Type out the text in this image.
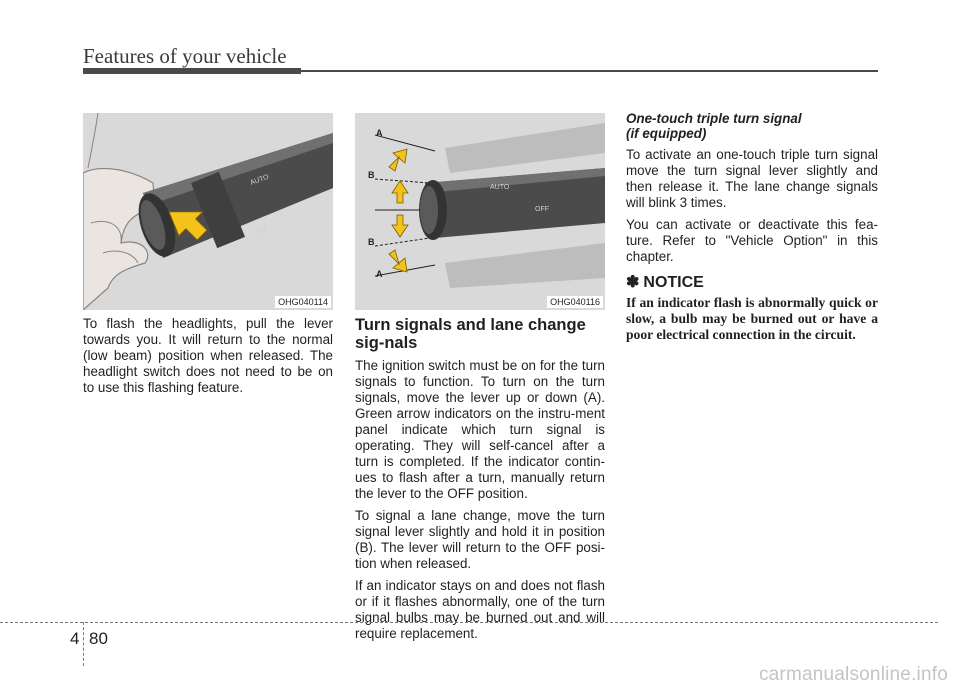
Features of your vehicle
AUTO
OFF
OHG040114
AUTO
OFF
A
B
B
A
OHG040116

To flash the headlights, pull the lever towards you. It will return to the normal (low beam) position when released. The headlight switch does not need to be on to use this flashing feature.

Turn signals and lane change sig-nals

The ignition switch must be on for the turn signals to function. To turn on the turn signals, move the lever up or down (A). Green arrow indicators on the instru-ment panel indicate which turn signal is operating. They will self-cancel after a turn is completed. If the indicator contin-ues to flash after a turn, manually return the lever to the OFF position.

To signal a lane change, move the turn signal lever slightly and hold it in position (B). The lever will return to the OFF posi-tion when released.

If an indicator stays on and does not flash or if it flashes abnormally, one of the turn signal bulbs may be burned out and will require replacement.

One-touch triple turn signal
(if equipped)

To activate an one-touch triple turn signal move the turn signal lever slightly and then release it. The lane change signals will blink 3 times.

You can activate or deactivate this fea-ture. Refer to "Vehicle Option" in this chapter.

✽ NOTICE
If an indicator flash is abnormally quick or slow, a bulb may be burned out or have a poor electrical connection in the circuit.
4 80
carmanualsonline.info
